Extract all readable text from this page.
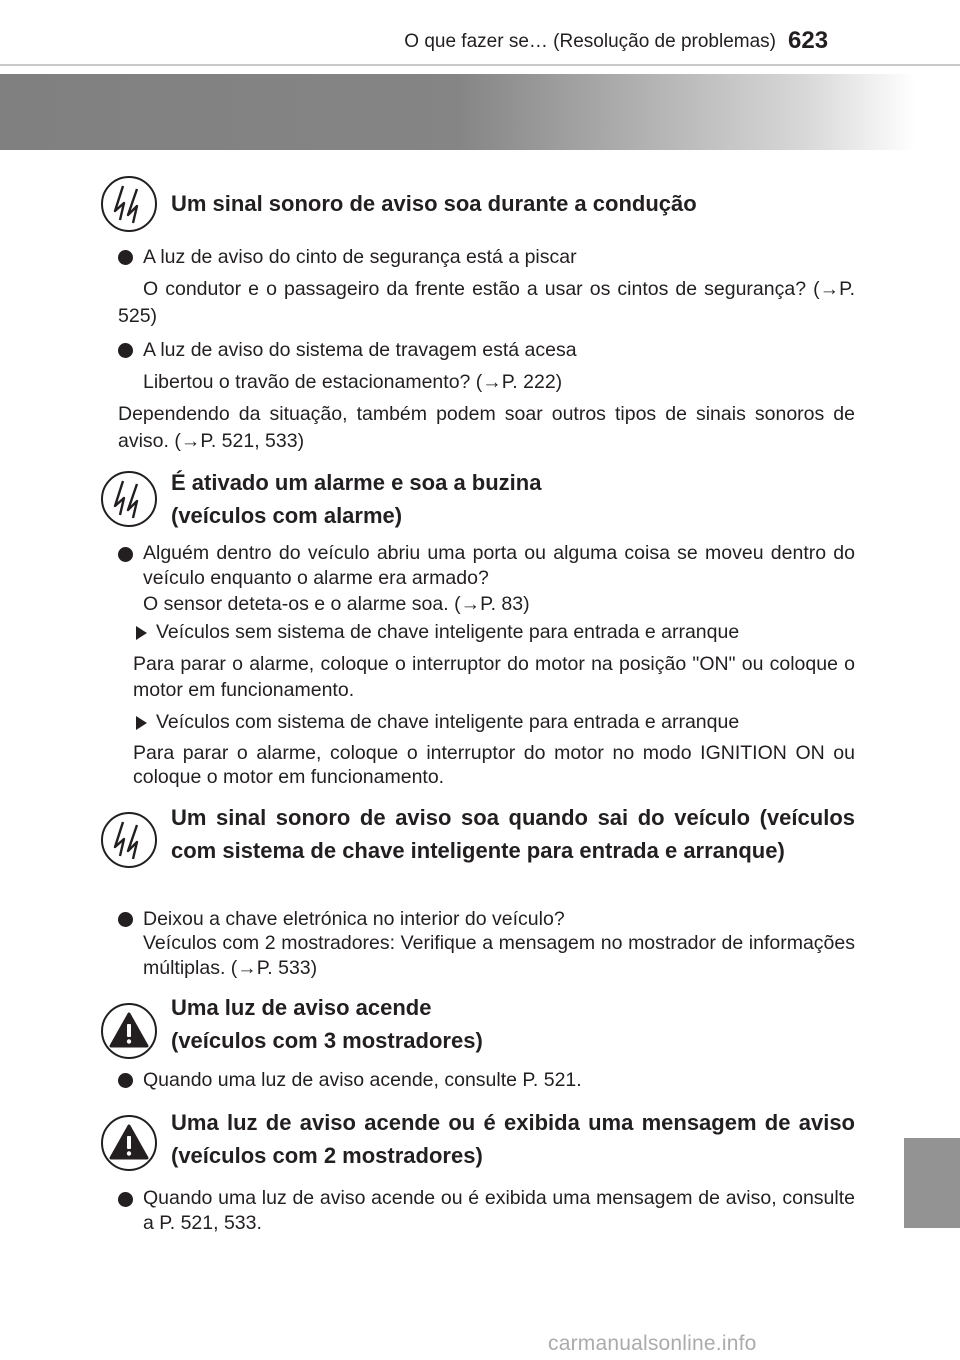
O que fazer se… (Resolução de problemas) 623
Um sinal sonoro de aviso soa durante a condução
A luz de aviso do cinto de segurança está a piscar
O condutor e o passageiro da frente estão a usar os cintos de segurança? (→P. 525)
A luz de aviso do sistema de travagem está acesa
Libertou o travão de estacionamento? (→P. 222)
Dependendo da situação, também podem soar outros tipos de sinais sonoros de aviso. (→P. 521, 533)
É ativado um alarme e soa a buzina
(veículos com alarme)
Alguém dentro do veículo abriu uma porta ou alguma coisa se moveu dentro do veículo enquanto o alarme era armado?
O sensor deteta-os e o alarme soa. (→P. 83)
Veículos sem sistema de chave inteligente para entrada e arranque
Para parar o alarme, coloque o interruptor do motor na posição "ON" ou coloque o motor em funcionamento.
Veículos com sistema de chave inteligente para entrada e arranque
Para parar o alarme, coloque o interruptor do motor no modo IGNITION ON ou coloque o motor em funcionamento.
Um sinal sonoro de aviso soa quando sai do veículo (veículos com sistema de chave inteligente para entrada e arranque)
Deixou a chave eletrónica no interior do veículo?
Veículos com 2 mostradores: Verifique a mensagem no mostrador de informações múltiplas. (→P. 533)
Uma luz de aviso acende
(veículos com 3 mostradores)
Quando uma luz de aviso acende, consulte P. 521.
Uma luz de aviso acende ou é exibida uma mensagem de aviso (veículos com 2 mostradores)
Quando uma luz de aviso acende ou é exibida uma mensagem de aviso, consulte a P. 521, 533.
carmanualsonline.info
